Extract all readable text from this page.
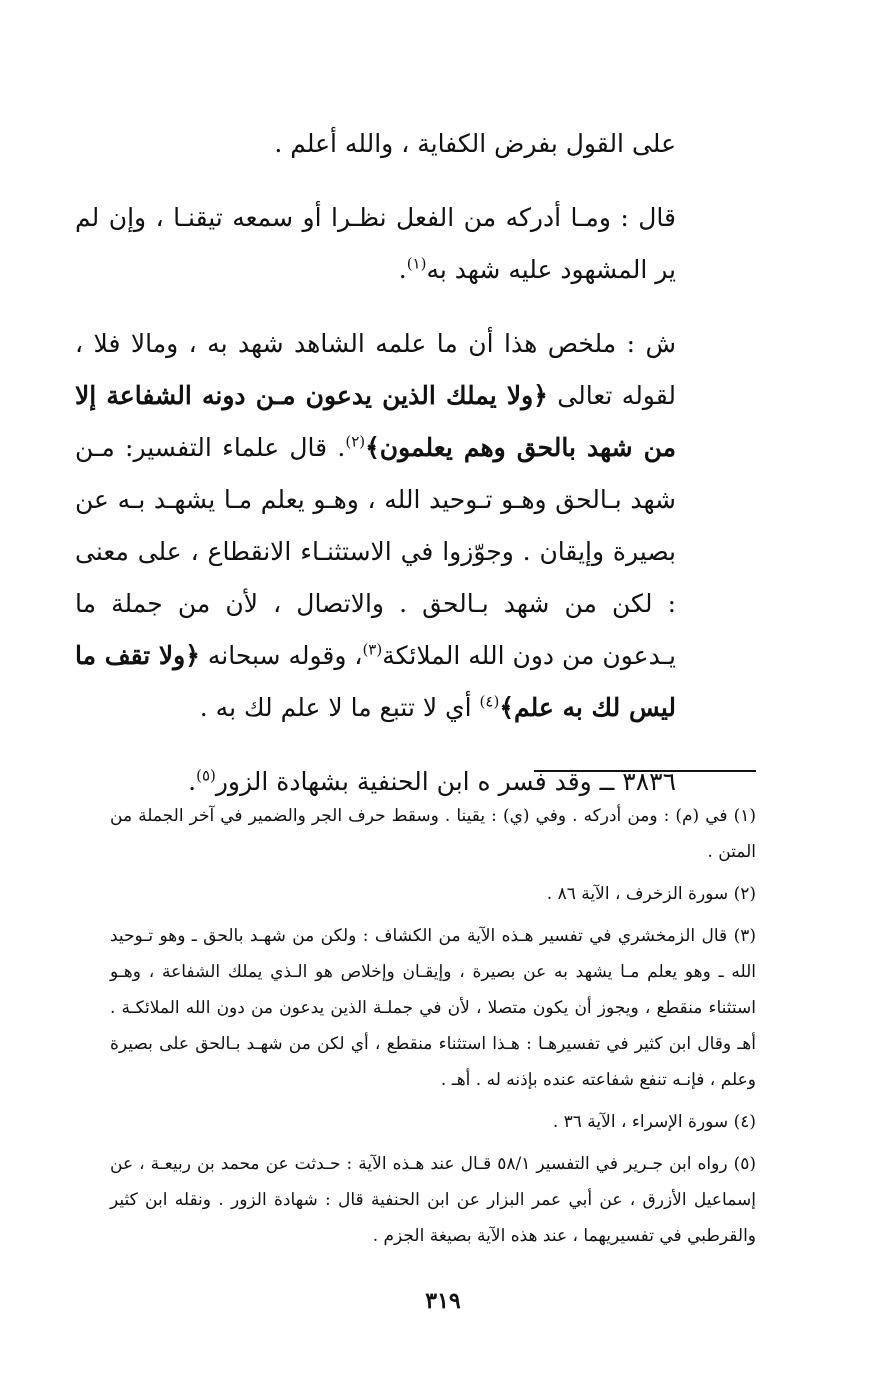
على القول بفرض الكفاية ، والله أعلم .

قال : ومـا أدركه من الفعل نظـرا أو سمعه تيقنـا ، وإن لم ير المشهود عليه شهد به$^{(١)}$.

ش : ملخص هذا أن ما علمه الشاهد شهد به ، ومالا فلا ، لقوله تعالى ﴿ولا يملك الذين يدعون مـن دونه الشفاعة إلا من شهد بالحق وهم يعلمون﴾$^{(٢)}$. قال علماء التفسير: مـن شهد بـالحق وهـو تـوحيد الله ، وهـو يعلم مـا يشهـد بـه عن بصيرة وإيقان . وجوّزوا في الاستثنـاء الانقطاع ، على معنى : لكن من شهد بـالحق . والاتصال ، لأن من جملة ما يـدعون من دون الله الملائكة$^{(٣)}$، وقوله سبحانه ﴿ولا تقف ما ليس لك به علم﴾$^{(٤)}$ أي لا تتبع ما لا علم لك به .

٣٨٣٦ ــ وقد فسر ه ابن الحنفية بشهادة الزور$^{(٥)}$.

(١) في (م) : ومن أدركه . وفي (ي) : يقينا . وسقط حرف الجر والضمير في آخر الجملة من المتن .

(٢) سورة الزخرف ، الآية ٨٦ .

(٣) قال الزمخشري في تفسير هـذه الآية من الكشاف : ولكن من شهـد بالحق ـ وهو تـوحيد الله ـ وهو يعلم مـا يشهد به عن بصيرة ، وإيقـان وإخلاص هو الـذي يملك الشفاعة ، وهـو استثناء منقطع ، ويجوز أن يكون متصلا ، لأن في جملـة الذين يدعون من دون الله الملائكـة . أهـ وقال ابن كثير في تفسيرهـا : هـذا استثناء منقطع ، أي لكن من شهـد بـالحق على بصيرة وعلم ، فإنـه تنفع شفاعته عنده بإذنه له . أهـ .

(٤) سورة الإسراء ، الآية ٣٦ .

(٥) رواه ابن جـرير في التفسير ٥٨/١ قـال عند هـذه الآية : حـدثت عن محمد بن ربيعـة ، عن إسماعيل الأزرق ، عن أبي عمر البزار عن ابن الحنفية قال : شهادة الزور . ونقله ابن كثير والقرطبي في تفسيريهما ، عند هذه الآية بصيغة الجزم .

٣١٩
